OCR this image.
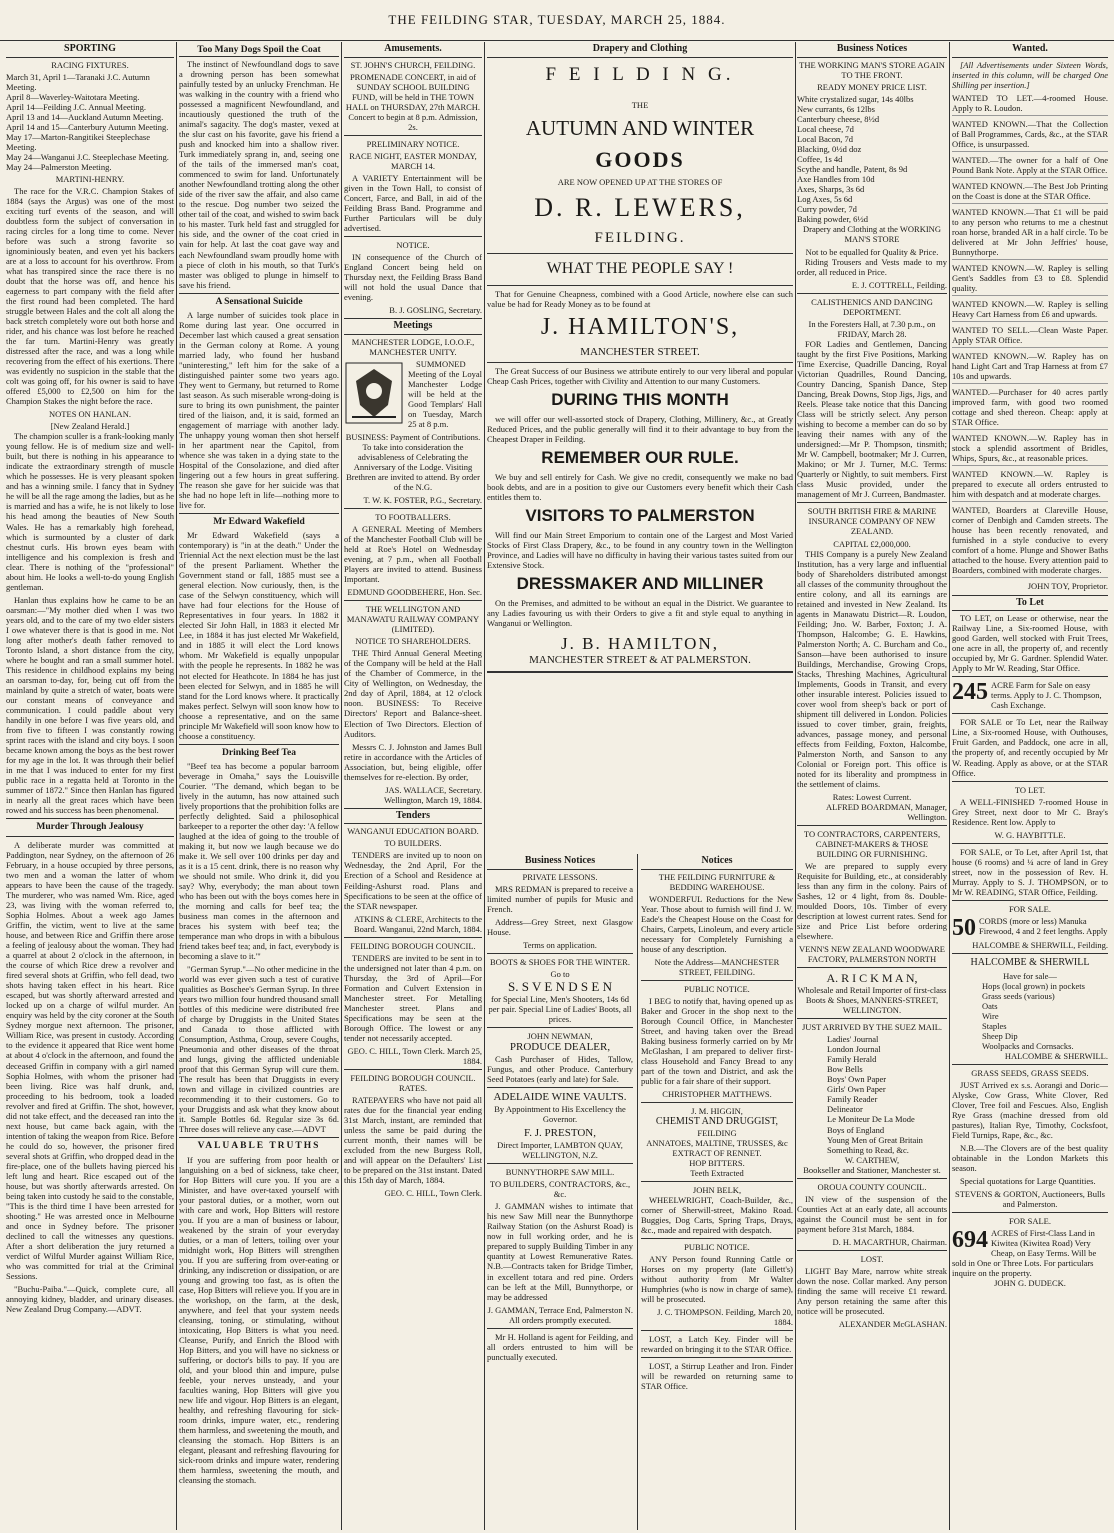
THE FEILDING STAR, TUESDAY, MARCH 25, 1884.
SPORTING
RACING FIXTURES.
March 31, April 1—Taranaki J.C. Autumn Meeting.
April 8—Waverley-Waitotara Meeting.
April 14—Feilding J.C. Annual Meeting.
April 13 and 14—Auckland Autumn Meeting.
April 14 and 15—Canterbury Autumn Meeting.
May 17—Marton-Rangitikei Steeplechase Meeting.
May 24—Wanganui J.C. Steeplechase Meeting.
May 24—Palmerston Meeting.
MARTINI-HENRY.

The race for the V.R.C. Champion Stakes of 1884 (says the Argus) was one of the most exciting turf events of the season, and will doubtless form the subject of conversation in racing circles for a long time to come. Never before was such a strong favorite so ignominiously beaten, and even yet his backers are at a loss to account for his overthrow. From what has transpired since the race there is no doubt that the horse was off, and hence his eagerness to part company with the field after the first round had been completed. The hard struggle between Hales and the colt all along the back stretch completely wore out both horse and rider, and his chance was lost before he reached the far turn. Martini-Henry was greatly distressed after the race, and was a long while recovering from the effect of his exertions. There was evidently no suspicion in the stable that the colt was going off, for his owner is said to have offered £5,000 to £2,500 on him for the Champion Stakes the night before the race.

NOTES ON HANLAN.
[New Zealand Herald.]

The champion sculler is a frank-looking manly young fellow. He is of medium size and well-built, but there is nothing in his appearance to indicate the extraordinary strength of muscle which he possesses. He is very pleasant spoken and has a winning smile. I fancy that in Sydney he will be all the rage among the ladies, but as he is married and has a wife, he is not likely to lose his head among the beauties of New South Wales. He has a remarkably high forehead, which is surmounted by a cluster of dark chestnut curls. His brown eyes beam with intelligence and his complexion is fresh and clear. There is nothing of the "professional" about him. He looks a well-to-do young English gentleman.

Hanlan thus explains how he came to be an oarsman:—"My mother died when I was two years old, and to the care of my two elder sisters I owe whatever there is that is good in me. Not long after mother's death father removed to Toronto Island, a short distance from the city, where he bought and ran a small summer hotel. This residence in childhood explains my being an oarsman to-day, for, being cut off from the mainland by quite a stretch of water, boats were our constant means of conveyance and communication. I could paddle about very handily in one before I was five years old, and from five to fifteen I was constantly rowing sprint races with the island and city boys. I soon became known among the boys as the best rower for my age in the lot. It was through their belief in me that I was induced to enter for my first public race in a regatta held at Toronto in the summer of 1872." Since then Hanlan has figured in nearly all the great races which have been rowed and his success has been phenomenal.

Murder Through Jealousy

A deliberate murder was committed at Paddington, near Sydney, on the afternoon of 26 February, in a house occupied by three persons, two men and a woman the latter of whom appears to have been the cause of the tragedy. The murderer, who was named Wm. Rice, aged 23, was living with the woman referred to, Sophia Holmes. About a week ago James Griffin, the victim, went to live at the same house, and between Rice and Griffin there arose a feeling of jealousy about the woman. They had a quarrel at about 2 o'clock in the afternoon, in the course of which Rice drew a revolver and fired several shots at Griffin, who fell dead, two shots having taken effect in his heart. Rice escaped, but was shortly afterward arrested and locked up on a charge of wilful murder. An enquiry was held by the city coroner at the South Sydney morgue next afternoon. The prisoner, William Rice, was present in custody. According to the evidence it appeared that Rice went home at about 4 o'clock in the afternoon, and found the deceased Griffin in company with a girl named Sophia Holmes, with whom the prisoner had been living. Rice was half drunk, and, proceeding to his bedroom, took a loaded revolver and fired at Griffin. The shot, however, did not take effect, and the deceased ran into the next house, but came back again, with the intention of taking the weapon from Rice. Before he could do so, however, the prisoner fired several shots at Griffin, who dropped dead in the fire-place, one of the bullets having pierced his left lung and heart. Rice escaped out of the house, but was shortly afterwards arrested. On being taken into custody he said to the constable, "This is the third time I have been arrested for shooting." He was arrested once in Melbourne and once in Sydney before. The prisoner declined to call the witnesses any questions. After a short deliberation the jury returned a verdict of Wilful Murder against William Rice, who was committed for trial at the Criminal Sessions.

"Buchu-Paiba."—Quick, complete cure, all annoying kidney, bladder, and urinary diseases. New Zealand Drug Company.—ADVT.

Too Many Dogs Spoil the Coat

The instinct of Newfoundland dogs to save a drowning person has been somewhat painfully tested by an unlucky Frenchman. He was walking in the country with a friend who possessed a magnificent Newfoundland, and incautiously questioned the truth of the animal's sagacity. The dog's master, vexed at the slur cast on his favorite, gave his friend a push and knocked him into a shallow river. Turk immediately sprang in, and, seeing one of the tails of the immersed man's coat, commenced to swim for land. Unfortunately another Newfoundland trotting along the other side of the river saw the affair, and also came to the rescue. Dog number two seized the other tail of the coat, and wished to swim back to his master. Turk held fast and struggled for his side, and the owner of the coat cried in vain for help. At last the coat gave way and each Newfoundland swam proudly home with a piece of cloth in his mouth, so that Turk's master was obliged to plunge in himself to save his friend.

A Sensational Suicide

A large number of suicides took place in Rome during last year. One occurred in December last which caused a great sensation in the German colony at Rome. A young married lady, who found her husband "uninteresting," left him for the sake of a distinguished painter some two years ago. They went to Germany, but returned to Rome last season. As such miserable wrong-doing is sure to bring its own punishment, the painter tired of the liaison, and, it is said, formed an engagement of marriage with another lady. The unhappy young woman then shot herself in her apartment near the Capitol, from whence she was taken in a dying state to the Hospital of the Consolazione, and died after lingering out a few hours in great suffering. The reason she gave for her suicide was that she had no hope left in life—nothing more to live for.

Mr Edward Wakefield

Mr Edward Wakefield (says a contemporary) is "in at the death." Under the Triennial Act the next election must be the last of the present Parliament. Whether the Government stand or fall, 1885 must see a general election. Now curiously, then, is the case of the Selwyn constituency, which will have had four elections for the House of Representatives in four years. In 1882 it elected Sir John Hall, in 1883 it elected Mr Lee, in 1884 it has just elected Mr Wakefield, and in 1885 it will elect the Lord knows whom. Mr Wakefield is equally unpopular with the people he represents. In 1882 he was not elected for Heathcote. In 1884 he has just been elected for Selwyn, and in 1885 he will stand for the Lord knows where. It practically makes perfect. Selwyn will soon know how to choose a representative, and on the same principle Mr Wakefield will soon know how to choose a constituency.

Drinking Beef Tea

"Beef tea has become a popular barroom beverage in Omaha," says the Louisville Courier. "The demand, which began to be lively in the autumn, has now attained such lively proportions that the prohibition folks are perfectly delighted. Said a philosophical barkeeper to a reporter the other day: 'A fellow laughed at the idea of going to the trouble of making it, but now we laugh because we do make it. We sell over 100 drinks per day and as it is a 15 cent. drink, there is no reason why we should not smile. Who drink it, did you say? Why, everybody; the man about town who has been out with the boys comes here in the morning and calls for beef tea; the business man comes in the afternoon and braces his system with beef tea; the temperance man who drops in with a bibulous friend takes beef tea; and, in fact, everybody is becoming a slave to it.'"

"German Syrup."—No other medicine in the world was ever given such a test of curative qualities as Boschee's German Syrup. In three years two million four hundred thousand small bottles of this medicine were distributed free of charge by Druggists in the United States and Canada to those afflicted with Consumption, Asthma, Croup, severe Coughs, Pneumonia and other diseases of the throat and lungs, giving the afflicted undeniable proof that this German Syrup will cure them. The result has been that Druggists in every town and village in civilized countries are recommending it to their customers. Go to your Druggists and ask what they know about it. Sample Bottles 6d. Regular size 3s 6d. Three doses will relieve any case.—ADVT

VALUABLE TRUTHS

If you are suffering from poor health or languishing on a bed of sickness, take cheer, for Hop Bitters will cure you. If you are a Minister, and have over-taxed yourself with your pastoral duties, or a mother, worn out with care and work, Hop Bitters will restore you. If you are a man of business or labour, weakened by the strain of your everyday duties, or a man of letters, toiling over your midnight work, Hop Bitters will strengthen you. If you are suffering from over-eating or drinking, any indiscretion or dissipation, or are young and growing too fast, as is often the case, Hop Bitters will relieve you. If you are in the workshop, on the farm, at the desk, anywhere, and feel that your system needs cleansing, toning, or stimulating, without intoxicating, Hop Bitters is what you need. Cleanse, Purify, and Enrich the Blood with Hop Bitters, and you will have no sickness or suffering, or doctor's bills to pay. If you are old, and your blood thin and impure, pulse feeble, your nerves unsteady, and your faculties waning, Hop Bitters will give you new life and vigour. Hop Bitters is an elegant, healthy, and refreshing flavouring for sick-room drinks, impure water, etc., rendering them harmless, and sweetening the mouth, and cleansing the stomach. Hop Bitters is an elegant, pleasant and refreshing flavouring for sick-room drinks and impure water, rendering them harmless, sweetening the mouth, and cleansing the stomach.

Amusements.
ST. JOHN'S CHURCH, FEILDING.

PROMENADE CONCERT, in aid of SUNDAY SCHOOL BUILDING FUND, will be held in THE TOWN HALL on THURSDAY, 27th MARCH. Concert to begin at 8 p.m. Admission, 2s.

PRELIMINARY NOTICE.
RACE NIGHT, EASTER MONDAY, MARCH 14.

A VARIETY Entertainment will be given in the Town Hall, to consist of Concert, Farce, and Ball, in aid of the Feilding Brass Band. Programme and Further Particulars will be duly advertised.

NOTICE.

IN consequence of the Church of England Concert being held on Thursday next, the Feilding Brass Band will not hold the usual Dance that evening.

B. J. GOSLING, Secretary.
Meetings
MANCHESTER LODGE, I.O.O.F., MANCHESTER UNITY.

SUMMONED Meeting of the Loyal Manchester Lodge will be held at the Good Templars' Hall on Tuesday, March 25 at 8 p.m.

BUSINESS: Payment of Contributions. To take into consideration the advisableness of Celebrating the Anniversary of the Lodge. Visiting Brethren are invited to attend. By order of the N.G.

T. W. K. FOSTER, P.G., Secretary.
TO FOOTBALLERS.

A GENERAL Meeting of Members of the Manchester Football Club will be held at Roe's Hotel on Wednesday evening, at 7 p.m., when all Football Players are invited to attend. Business Important.

EDMUND GOODBEHERE, Hon. Sec.
THE WELLINGTON AND MANAWATU RAILWAY COMPANY (LIMITED).
NOTICE TO SHAREHOLDERS.

THE Third Annual General Meeting of the Company will be held at the Hall of the Chamber of Commerce, in the City of Wellington, on Wednesday, the 2nd day of April, 1884, at 12 o'clock noon. BUSINESS: To Receive Directors' Report and Balance-sheet. Election of Two Directors. Election of Auditors.

Messrs C. J. Johnston and James Bull retire in accordance with the Articles of Association, but, being eligible, offer themselves for re-election. By order,

JAS. WALLACE, Secretary. Wellington, March 19, 1884.
Tenders
WANGANUI EDUCATION BOARD.
TO BUILDERS.

TENDERS are invited up to noon on Wednesday, the 2nd April, For the Erection of a School and Residence at Feilding-Ashurst road. Plans and Specifications to be seen at the office of the STAR newspaper.

ATKINS & CLERE, Architects to the Board. Wanganui, 22nd March, 1884.
FEILDING BOROUGH COUNCIL.

TENDERS are invited to be sent in to the undersigned not later than 4 p.m. on Thursday, the 3rd of April—For Formation and Culvert Extension in Manchester street. For Metalling Manchester street. Plans and Specifications may be seen at the Borough Office. The lowest or any tender not necessarily accepted.

GEO. C. HILL, Town Clerk. March 25, 1884.
FEILDING BOROUGH COUNCIL. RATES.

RATEPAYERS who have not paid all rates due for the financial year ending 31st March, instant, are reminded that unless the same be paid during the current month, their names will be excluded from the new Burgess Roll, and will appear on the Defaulters' List to be prepared on the 31st instant. Dated this 15th day of March, 1884.

GEO. C. HILL, Town Clerk.
Drapery and Clothing
F E I L D I N G.
THE
AUTUMN AND WINTER
GOODS
ARE NOW OPENED UP AT THE STORES OF
D. R. LEWERS,
FEILDING.
WHAT THE PEOPLE SAY !

That for Genuine Cheapness, combined with a Good Article, nowhere else can such value be had for Ready Money as to be found at

J. HAMILTON'S,
MANCHESTER STREET.

The Great Success of our Business we attribute entirely to our very liberal and popular Cheap Cash Prices, together with Civility and Attention to our many Customers.

DURING THIS MONTH

we will offer our well-assorted stock of Drapery, Clothing, Millinery, &c., at Greatly Reduced Prices, and the public generally will find it to their advantage to buy from the Cheapest Draper in Feilding.

REMEMBER OUR RULE.

We buy and sell entirely for Cash. We give no credit, consequently we make no bad book debts, and are in a position to give our Customers every benefit which their Cash entitles them to.

VISITORS TO PALMERSTON

Will find our Main Street Emporium to contain one of the Largest and Most Varied Stocks of First Class Drapery, &c., to be found in any country town in the Wellington Province, and Ladies will have no difficulty in having their various tastes suited from our Extensive Stock.

DRESSMAKER AND MILLINER

On the Premises, and admitted to be without an equal in the District. We guarantee to any Ladies favouring us with their Orders to give a fit and style equal to anything in Wanganui or Wellington.

J. B. HAMILTON,
MANCHESTER STREET & AT PALMERSTON.
Business Notices
PRIVATE LESSONS.

MRS REDMAN is prepared to receive a limited number of pupils for Music and French.

Address—Grey Street, next Glasgow House.

Terms on application.
BOOTS & SHOES FOR THE WINTER.
Go to
S. S V E N D S E N

for Special Line, Men's Shooters, 14s 6d per pair. Special Line of Ladies' Boots, all prices.

JOHN NEWMAN,
PRODUCE DEALER,

Cash Purchaser of Hides, Tallow, Fungus, and other Produce. Canterbury Seed Potatoes (early and late) for Sale.

ADELAIDE WINE VAULTS.

By Appointment to His Excellency the Governor.

F. J. PRESTON,
Direct Importer, LAMBTON QUAY, WELLINGTON, N.Z.
BUNNYTHORPE SAW MILL.
TO BUILDERS, CONTRACTORS, &c., &c.

J. GAMMAN wishes to intimate that his new Saw Mill near the Bunnythorpe Railway Station (on the Ashurst Road) is now in full working order, and he is prepared to supply Building Timber in any quantity at Lowest Remunerative Rates. N.B.—Contracts taken for Bridge Timber, in excellent totara and red pine. Orders can be left at the Mill, Bunnythorpe, or may be addressed

J. GAMMAN, Terrace End, Palmerston N.
All orders promptly executed.

Mr H. Holland is agent for Feilding, and all orders entrusted to him will be punctually executed.

Notices
THE FEILDING FURNITURE & BEDDING WAREHOUSE.

WONDERFUL Reductions for the New Year. Those about to furnish will find J. W. Eade's the Cheapest House on the Coast for Chairs, Carpets, Linoleum, and every article necessary for Completely Furnishing a house of any description.

Note the Address—MANCHESTER STREET, FEILDING.

PUBLIC NOTICE.

I BEG to notify that, having opened up as Baker and Grocer in the shop next to the Borough Council Office, in Manchester Street, and having taken over the Bread Baking business formerly carried on by Mr McGlashan, I am prepared to deliver first-class Household and Fancy Bread to any part of the town and District, and ask the public for a fair share of their support.

CHRISTOPHER MATTHEWS.
J. M. HIGGIN,
CHEMIST AND DRUGGIST,
FEILDING
ANNATOES, MALTINE, TRUSSES, &c
EXTRACT OF RENNET.
HOP BITTERS.
Teeth Extracted
JOHN BELK,

WHEELWRIGHT, Coach-Builder, &c., corner of Sherwill-street, Makino Road. Buggies, Dog Carts, Spring Traps, Drays, &c., made and repaired with despatch.

PUBLIC NOTICE.

ANY Person found Running Cattle or Horses on my property (late Gillett's) without authority from Mr Walter Humphries (who is now in charge of same), will be prosecuted.

J. C. THOMPSON. Feilding, March 20, 1884.

LOST, a Latch Key. Finder will be rewarded on bringing it to the STAR Office.

LOST, a Stirrup Leather and Iron. Finder will be rewarded on returning same to STAR Office.

Business Notices
THE WORKING MAN'S STORE AGAIN TO THE FRONT.
READY MONEY PRICE LIST.
White crystalized sugar, 14s 40lbs
New currants, 6s 12lbs
Canterbury cheese, 8½d
Local cheese, 7d
Local Bacon, 7d
Blacking, 0½d doz
Coffee, 1s 4d
Scythe and handle, Patent, 8s 9d
Axe Handles from 10d
Axes, Sharps, 3s 6d
Log Axes, 5s 6d
Curry powder, 7d
Baking powder, 6½d

Drapery and Clothing at the WORKING MAN'S STORE

Not to be equalled for Quality & Price.

Riding Trousers and Vests made to my order, all reduced in Price.

E. J. COTTRELL, Feilding.
CALISTHENICS AND DANCING DEPORTMENT.
In the Foresters Hall, at 7.30 p.m., on FRIDAY, March 28.

FOR Ladies and Gentlemen, Dancing taught by the first Five Positions, Marking Time Exercise, Quadrille Dancing, Royal Victorian Quadrilles, Round Dancing, Country Dancing, Spanish Dance, Step Dancing, Break Downs, Stop Jigs, Jigs, and Reels. Please take notice that this Dancing Class will be strictly select. Any person wishing to become a member can do so by leaving their names with any of the undersigned:—Mr P. Thompson, tinsmith; Mr W. Campbell, bootmaker; Mr J. Curren, Makino; or Mr J. Turner, M.C. Terms: Quarterly or Nightly, to suit members. First class Music provided, under the management of Mr J. Curreen, Bandmaster.

SOUTH BRITISH FIRE & MARINE INSURANCE COMPANY OF NEW ZEALAND.
CAPITAL £2,000,000.

THIS Company is a purely New Zealand Institution, has a very large and influential body of Shareholders distributed amongst all classes of the community throughout the entire colony, and all its earnings are retained and invested in New Zealand. Its agents in Manawatu District—R. Loudon, Feilding; Jno. W. Barber, Foxton; J. A. Thompson, Halcombe; G. E. Hawkins, Palmerston North; A. C. Burcham and Co., Sanson—have been authorised to insure Buildings, Merchandise, Growing Crops, Stacks, Threshing Machines, Agricultural Implements, Goods in Transit, and every other insurable interest. Policies issued to cover wool from sheep's back or port of shipment till delivered in London. Policies issued to cover timber, grain, freights, advances, passage money, and personal effects from Feilding, Foxton, Halcombe, Palmerston North, and Sanson to any Colonial or Foreign port. This office is noted for its liberality and promptness in the settlement of claims.

Rates: Lowest Current.
ALFRED BOARDMAN, Manager, Wellington.
TO CONTRACTORS, CARPENTERS, CABINET-MAKERS & THOSE BUILDING OR FURNISHING.

We are prepared to supply every Requisite for Building, etc., at considerably less than any firm in the colony. Pairs of Sashes, 12 or 4 light, from 8s. Double-moulded Doors, 10s. Timber of every description at lowest current rates. Send for size and Price List before ordering elsewhere.

VENN'S NEW ZEALAND WOODWARE FACTORY, PALMERSTON NORTH
A. R I C K M A N,

Wholesale and Retail Importer of first-class Boots & Shoes, MANNERS-STREET, WELLINGTON.

JUST ARRIVED BY THE SUEZ MAIL.
Ladies' Journal
London Journal
Family Herald
Bow Bells
Boys' Own Paper
Girls' Own Paper
Family Reader
Delineator
Le Moniteur De La Mode
Boys of England
Young Men of Great Britain
Something to Read, &c.
W. CARTHEW,
Bookseller and Stationer, Manchester st.
OROUA COUNTY COUNCIL.

IN view of the suspension of the Counties Act at an early date, all accounts against the Council must be sent in for payment before 31st March, 1884.

D. H. MACARTHUR, Chairman.
LOST.

LIGHT Bay Mare, narrow white streak down the nose. Collar marked. Any person finding the same will receive £1 reward. Any person retaining the same after this notice will be prosecuted.

ALEXANDER McGLASHAN.
Wanted.

[All Advertisements under Sixteen Words, inserted in this column, will be charged One Shilling per insertion.]

WANTED TO LET.—4-roomed House. Apply to R. Loudon.
WANTED KNOWN.—That the Collection of Ball Programmes, Cards, &c., at the STAR Office, is unsurpassed.
WANTED.—The owner for a half of One Pound Bank Note. Apply at the STAR Office.
WANTED KNOWN.—The Best Job Printing on the Coast is done at the STAR Office.
WANTED KNOWN.—That £1 will be paid to any person who returns to me a chestnut roan horse, branded AR in a half circle. To be delivered at Mr John Jeffries' house, Bunnythorpe.
WANTED KNOWN.—W. Rapley is selling Gent's Saddles from £3 to £8. Splendid quality.
WANTED KNOWN.—W. Rapley is selling Heavy Cart Harness from £6 and upwards.
WANTED TO SELL.—Clean Waste Paper. Apply STAR Office.
WANTED KNOWN.—W. Rapley has on hand Light Cart and Trap Harness at from £7 10s and upwards.
WANTED.—Purchaser for 40 acres partly improved farm, with good two roomed cottage and shed thereon. Cheap: apply at STAR Office.
WANTED KNOWN.—W. Rapley has in stock a splendid assortment of Bridles, Whips, Spurs, &c., at reasonable prices.
WANTED KNOWN.—W. Rapley is prepared to execute all orders entrusted to him with despatch and at moderate charges.
WANTED, Boarders at Clareville House, corner of Denbigh and Camden streets. The house has been recently renovated, and furnished in a style conducive to every comfort of a home. Plunge and Shower Baths attached to the house. Every attention paid to Boarders, combined with moderate charges.
JOHN TOY, Proprietor.
To Let

TO LET, on Lease or otherwise, near the Railway Line, a Six-roomed House, with good Garden, well stocked with Fruit Trees, one acre in all, the property of, and recently occupied by, Mr G. Gardner. Splendid Water. Apply to Mr W. Reading, Star Office.

245 ACRE Farm for Sale on easy terms. Apply to J. C. Thompson, Cash Exchange.

FOR SALE or To Let, near the Railway Line, a Six-roomed House, with Outhouses, Fruit Garden, and Paddock, one acre in all, the property of, and recently occupied by Mr W. Reading. Apply as above, or at the STAR Office.

TO LET.

A WELL-FINISHED 7-roomed House in Grey Street, next door to Mr C. Bray's Residence. Rent low. Apply to

W. G. HAYBITTLE.

FOR SALE, or To Let, after April 1st, that house (6 rooms) and ¼ acre of land in Grey street, now in the possession of Rev. H. Murray. Apply to S. J. THOMPSON, or to Mr W. READING, STAR Office, Feilding.

FOR SALE.
50 CORDS (more or less) Manuka Firewood, 4 and 2 feet lengths. Apply
HALCOMBE & SHERWILL, Feilding.
HALCOMBE & SHERWILL
Have for sale—
Hops (local grown) in pockets
Grass seeds (various)
Oats
Wire
Staples
Sheep Dip
Woolpacks and Cornsacks.
HALCOMBE & SHERWILL.
GRASS SEEDS, GRASS SEEDS.

JUST Arrived ex s.s. Aorangi and Doric—Alyske, Cow Grass, White Clover, Red Clover, Tree foil and Fescues. Also, English Rye Grass (machine dressed from old pastures), Italian Rye, Timothy, Cocksfoot, Field Turnips, Rape, &c., &c.

N.B.—The Clovers are of the best quality obtainable in the London Markets this season.

Special quotations for Large Quantities.

STEVENS & GORTON, Auctioneers, Bulls and Palmerston.
FOR SALE.
694 ACRES of First-Class Land in Kiwitea (Kiwitea Road) Very Cheap, on Easy Terms. Will be sold in One or Three Lots. For particulars inquire on the property.
JOHN G. DUDECK.
